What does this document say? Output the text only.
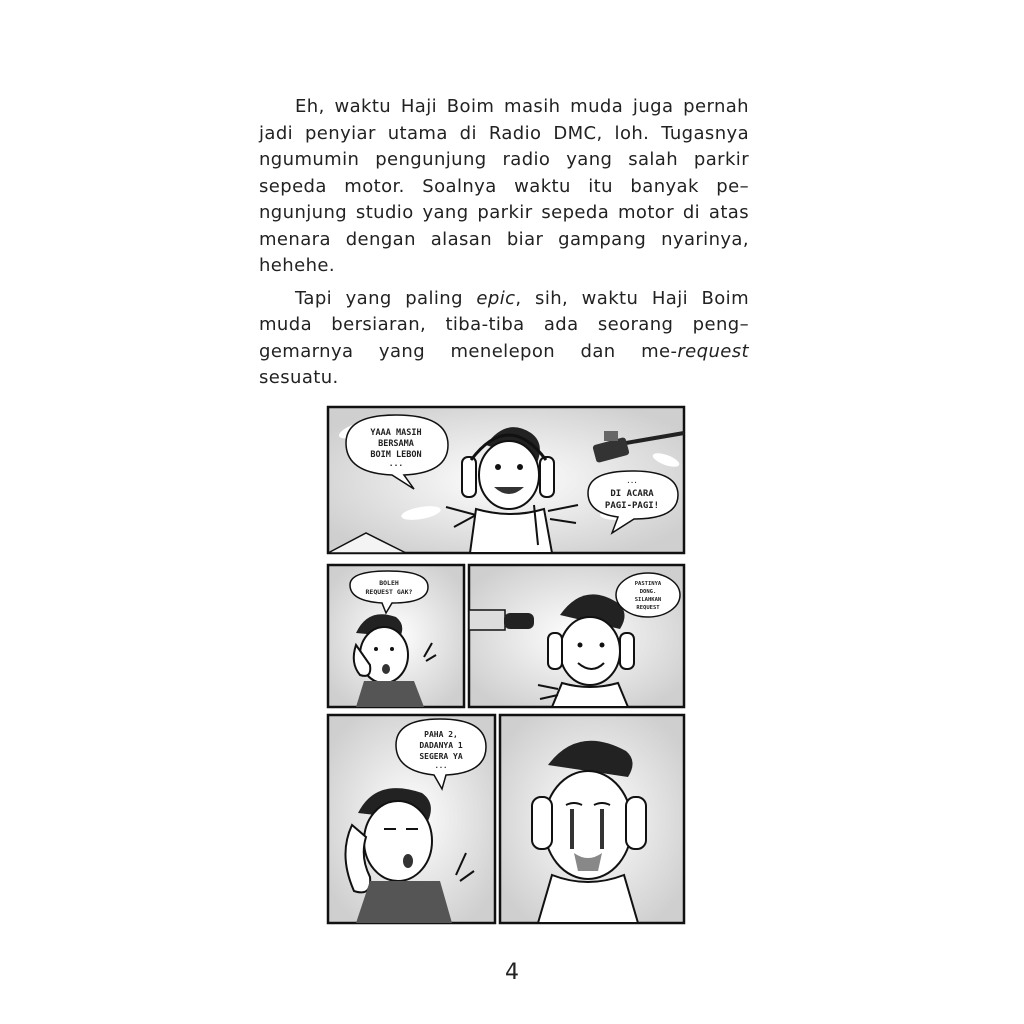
Eh, waktu Haji Boim masih muda juga pernah
jadi penyiar utama di Radio DMC, loh. Tugasnya
ngumumin pengunjung radio yang salah parkir
sepeda motor. Soalnya waktu itu banyak pe–
ngunjung studio yang parkir sepeda motor di atas
menara dengan alasan biar gampang nyarinya,
hehehe.

Tapi yang paling epic, sih, waktu Haji Boim
muda bersiaran, tiba-tiba ada seorang peng–
gemarnya yang menelepon dan me-request
sesuatu.

YAAA MASIH
BERSAMA
BOIM LEBON
...
...
DI ACARA
PAGI-PAGI!
BOLEH
REQUEST GAK?
PASTINYA
DONG.
SILAHKAN
REQUEST
PAHA 2,
DADANYA 1
SEGERA YA
...
4
